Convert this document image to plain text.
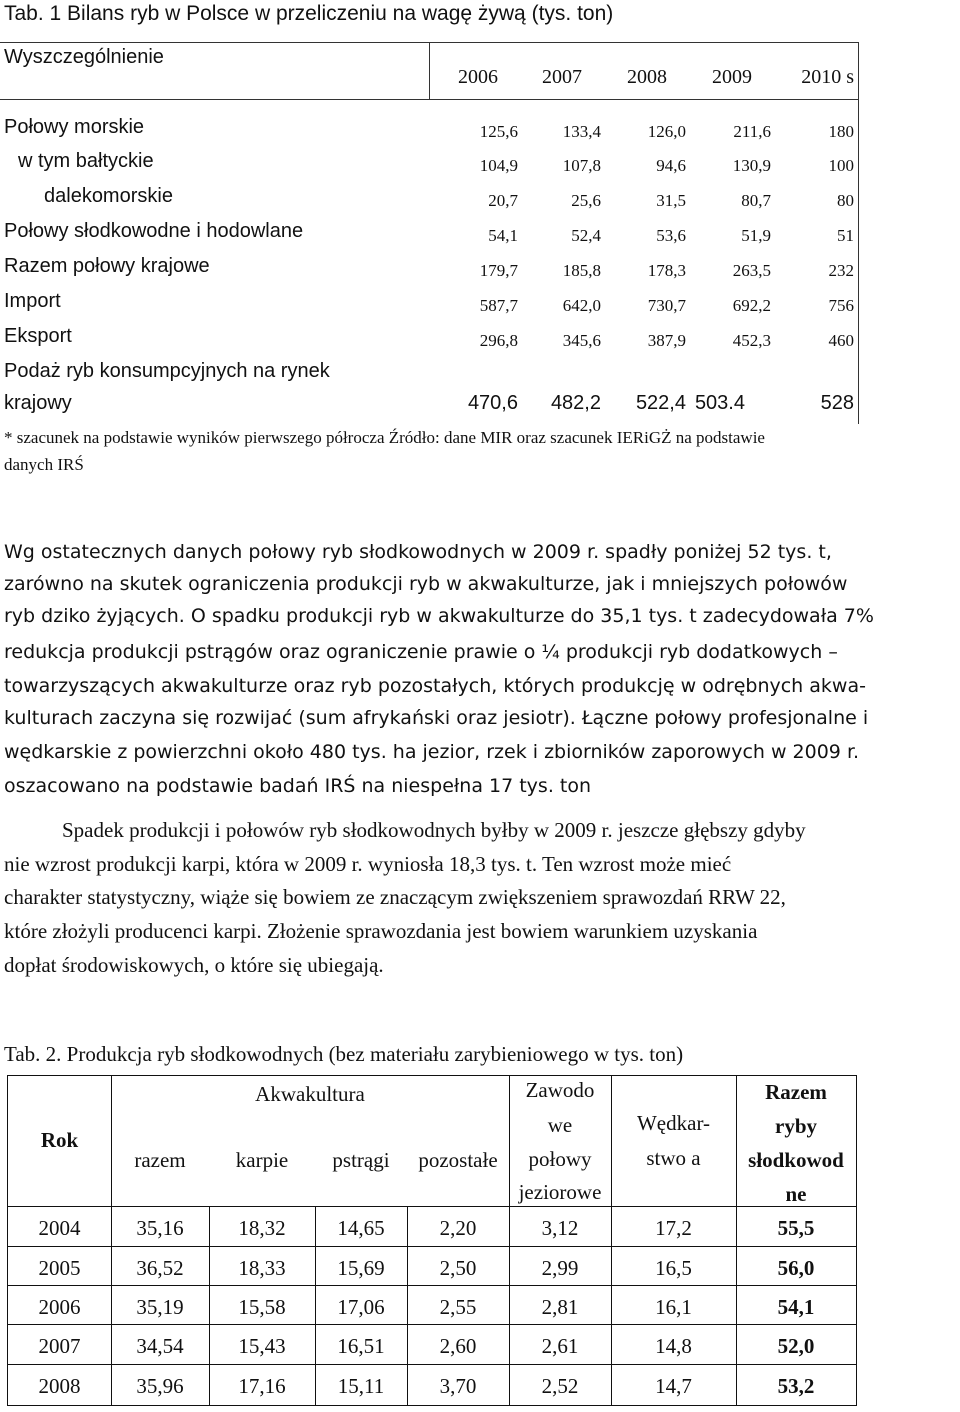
Tab. 1 Bilans ryb w Polsce w przeliczeniu na wagę żywą (tys. ton)
Wyszczególnienie
2006	2007	2008	2009	2010 s
Połowy morskie	125,6	133,4	126,0	211,6	180
w tym bałtyckie	104,9	107,8	94,6	130,9	100
dalekomorskie	20,7	25,6	31,5	80,7	80
Połowy słodkowodne i hodowlane	54,1	52,4	53,6	51,9	51
Razem połowy krajowe	179,7	185,8	178,3	263,5	232
Import	587,7	642,0	730,7	692,2	756
Eksport	296,8	345,6	387,9	452,3	460
Podaż ryb konsumpcyjnych na rynek
krajowy	470,6	482,2	522,4 503.4	528
* szacunek na podstawie wyników pierwszego półrocza Źródło: dane MIR oraz szacunek IERiGŻ na podstawie
danych IRŚ
Wg ostatecznych danych połowy ryb słodkowodnych w 2009 r. spadły poniżej 52 tys. t,
zarówno na skutek ograniczenia produkcji ryb w akwakulturze, jak i mniejszych połowów
ryb dziko żyjących. O spadku produkcji ryb w akwakulturze do 35,1 tys. t zadecydowała 7%
redukcja produkcji pstrągów oraz ograniczenie prawie o ¼ produkcji ryb dodatkowych –
towarzyszących akwakulturze oraz ryb pozostałych, których produkcję w odrębnych akwa-
kulturach zaczyna się rozwijać (sum afrykański oraz jesiotr). Łączne połowy profesjonalne i
wędkarskie z powierzchni około 480 tys. ha jezior, rzek i zbiorników zaporowych w 2009 r.
oszacowano na podstawie badań IRŚ na niespełna 17 tys. ton
Spadek produkcji i połowów ryb słodkowodnych byłby w 2009 r. jeszcze głębszy gdyby
nie wzrost produkcji karpi, która w 2009 r. wyniosła 18,3 tys. t. Ten wzrost może mieć
charakter statystyczny, wiąże się bowiem ze znaczącym zwiększeniem sprawozdań RRW 22,
które złożyli producenci karpi. Złożenie sprawozdania jest bowiem warunkiem uzyskania
dopłat środowiskowych, o które się ubiegają.
Tab. 2. Produkcja ryb słodkowodnych (bez materiału zarybieniowego w tys. ton)
Rok
Akwakultura
razem	karpie	pstrągi	pozostałe
Zawodo
we
połowy
jeziorowe
Wędkar-
stwo a
Razem
ryby
słodkowod
ne
2004	35,16	18,32	14,65	2,20	3,12	17,2	55,5
2005	36,52	18,33	15,69	2,50	2,99	16,5	56,0
2006	35,19	15,58	17,06	2,55	2,81	16,1	54,1
2007	34,54	15,43	16,51	2,60	2,61	14,8	52,0
2008	35,96	17,16	15,11	3,70	2,52	14,7	53,2
